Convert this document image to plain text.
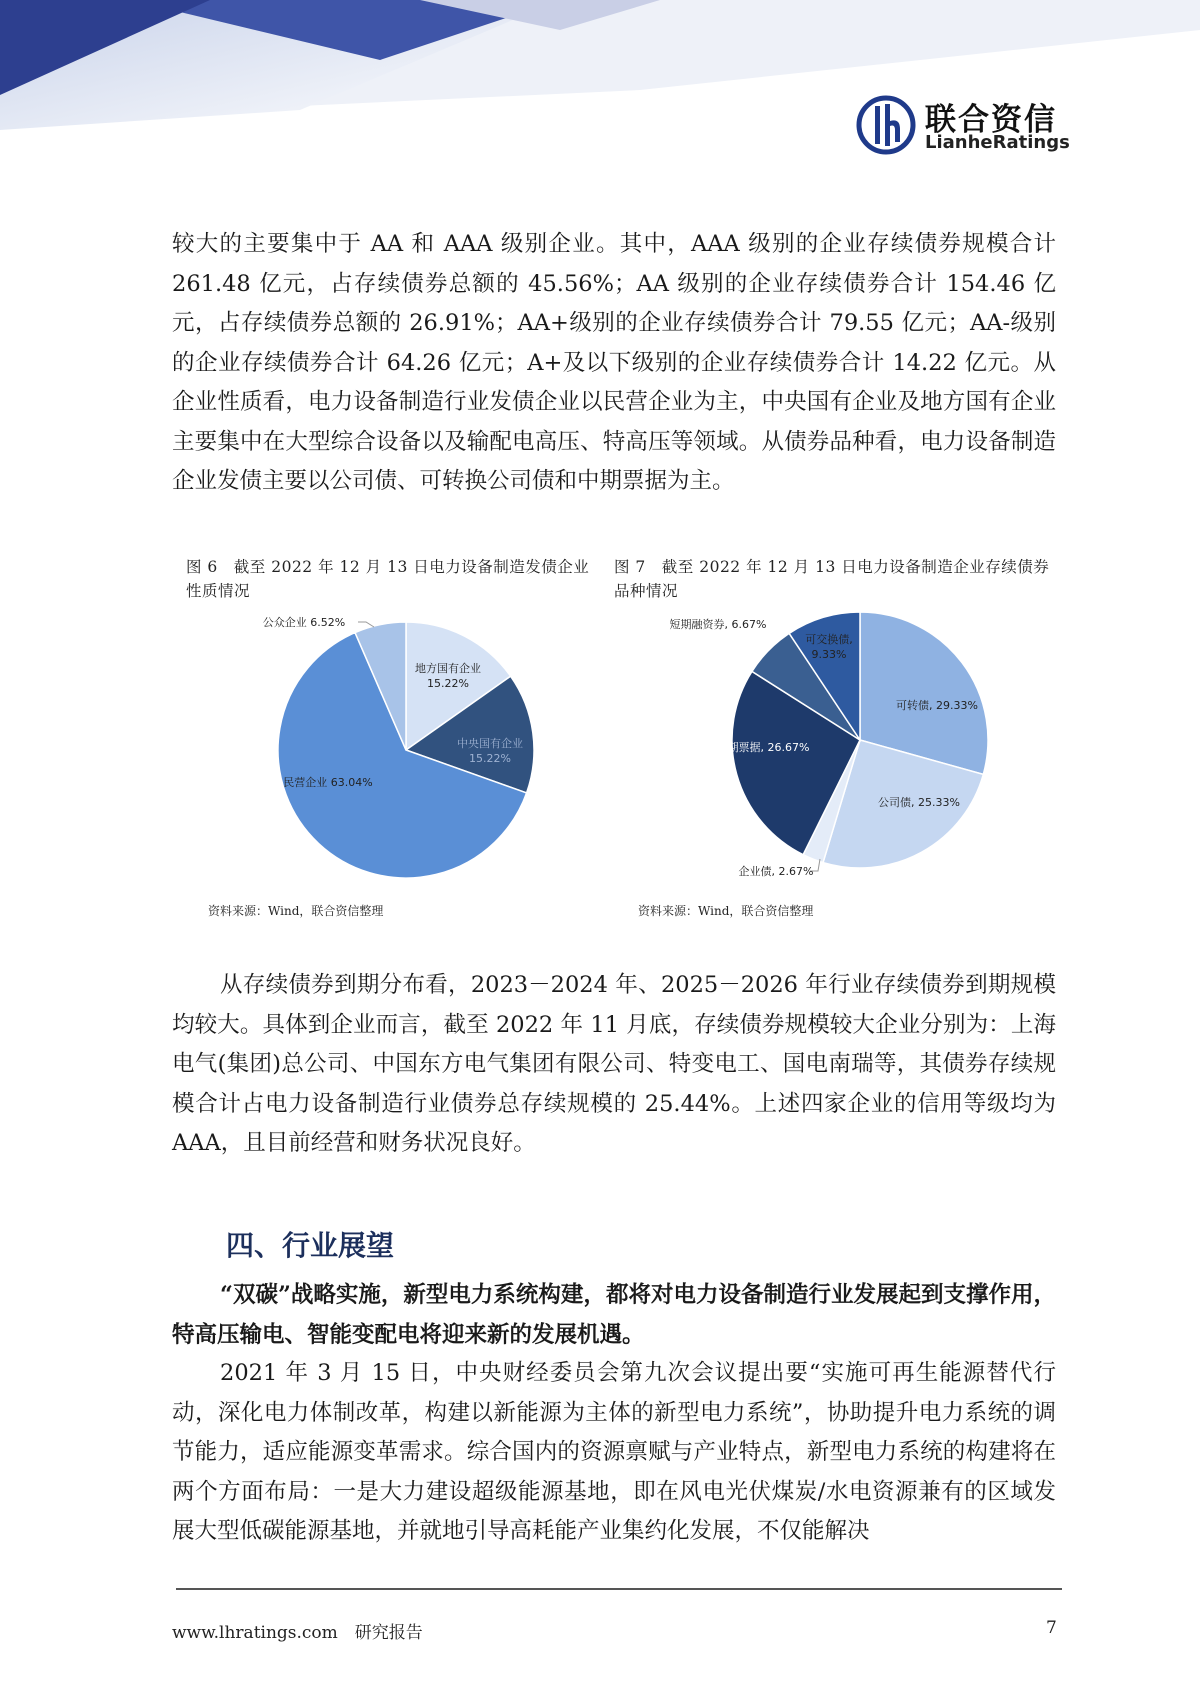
联合资信
LianheRatings

较大的主要集中于 AA 和 AAA 级别企业。其中，AAA 级别的企业存续债券规模合计 261.48 亿元，占存续债券总额的 45.56%；AA 级别的企业存续债券合计 154.46 亿元，占存续债券总额的 26.91%；AA+级别的企业存续债券合计 79.55 亿元；AA-级别的企业存续债券合计 64.26 亿元；A+及以下级别的企业存续债券合计 14.22 亿元。从企业性质看，电力设备制造行业发债企业以民营企业为主，中央国有企业及地方国有企业主要集中在大型综合设备以及输配电高压、特高压等领域。从债券品种看，电力设备制造企业发债主要以公司债、可转换公司债和中期票据为主。

图 6　截至 2022 年 12 月 13 日电力设备制造发债企业性质情况
地方国有企业
15.22%
中央国有企业
15.22%
民营企业 63.04%
公众企业 6.52%
资料来源：Wind，联合资信整理
图 7　截至 2022 年 12 月 13 日电力设备制造企业存续债券品种情况
可转债, 29.33%
公司债, 25.33%
企业债, 2.67%
中期票据, 26.67%
短期融资券, 6.67%
可交换债,
9.33%
资料来源：Wind，联合资信整理

从存续债券到期分布看，2023－2024 年、2025－2026 年行业存续债券到期规模均较大。具体到企业而言，截至 2022 年 11 月底，存续债券规模较大企业分别为：上海电气(集团)总公司、中国东方电气集团有限公司、特变电工、国电南瑞等，其债券存续规模合计占电力设备制造行业债券总存续规模的 25.44%。上述四家企业的信用等级均为 AAA，且目前经营和财务状况良好。

四、行业展望

“双碳”战略实施，新型电力系统构建，都将对电力设备制造行业发展起到支撑作用，特高压输电、智能变配电将迎来新的发展机遇。

2021 年 3 月 15 日，中央财经委员会第九次会议提出要“实施可再生能源替代行动，深化电力体制改革，构建以新能源为主体的新型电力系统”，协助提升电力系统的调节能力，适应能源变革需求。综合国内的资源禀赋与产业特点，新型电力系统的构建将在两个方面布局：一是大力建设超级能源基地，即在风电光伏煤炭/水电资源兼有的区域发展大型低碳能源基地，并就地引导高耗能产业集约化发展，不仅能解决

www.lhratings.com　研究报告	7
